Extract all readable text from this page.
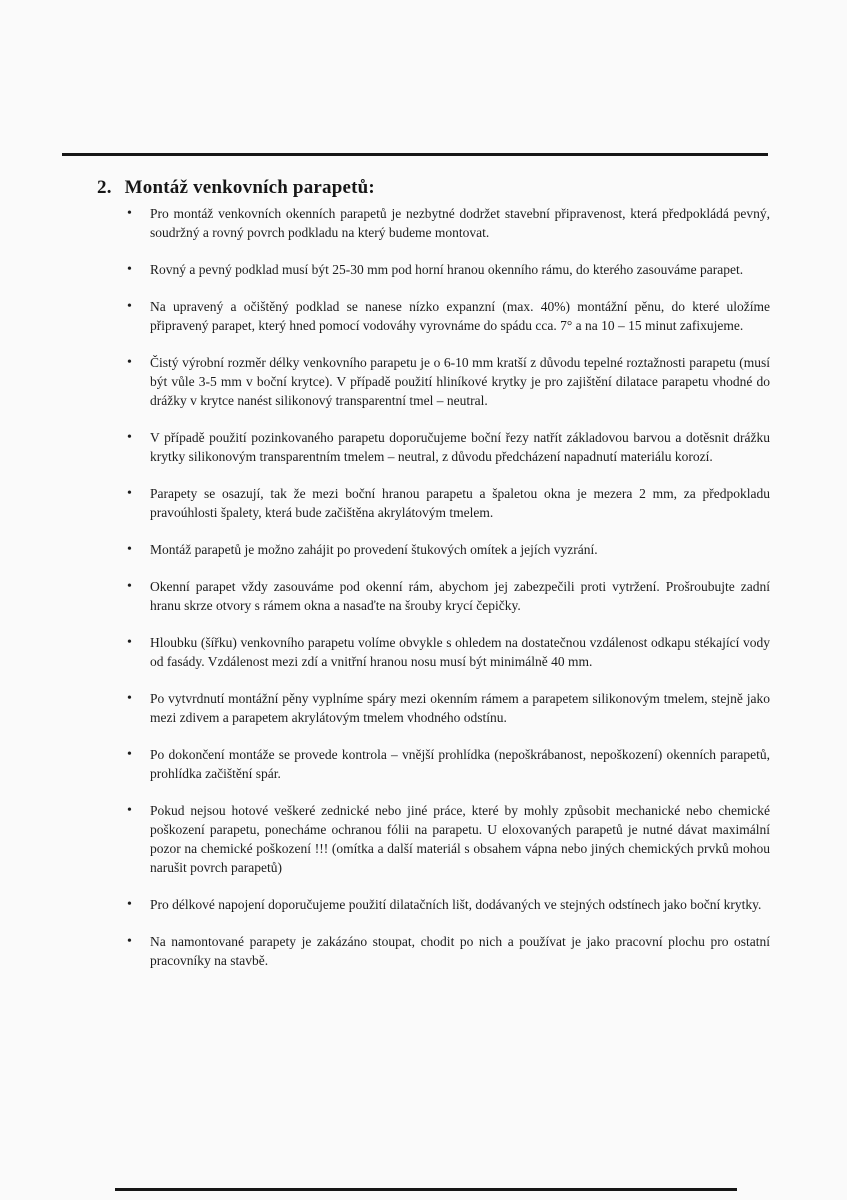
2. Montáž venkovních parapetů:
• Pro montáž venkovních okenních parapetů je nezbytné dodržet stavební připravenost, která předpokládá pevný, soudržný a rovný povrch podkladu na který budeme montovat.
• Rovný a pevný podklad musí být 25-30 mm pod horní hranou okenního rámu, do kterého zasouváme parapet.
• Na upravený a očištěný podklad se nanese nízko expanzní (max. 40%) montážní pěnu, do které uložíme připravený parapet, který hned pomocí vodováhy vyrovnáme do spádu cca. 7° a na 10 – 15 minut zafixujeme.
• Čistý výrobní rozměr délky venkovního parapetu je o 6-10 mm kratší z důvodu tepelné roztažnosti parapetu (musí být vůle 3-5 mm v boční krytce). V případě použití hliníkové krytky je pro zajištění dilatace parapetu vhodné do drážky v krytce nanést silikonový transparentní tmel – neutral.
• V případě použití pozinkovaného parapetu doporučujeme boční řezy natřít základovou barvou a dotěsnit drážku krytky silikonovým transparentním tmelem – neutral, z důvodu předcházení napadnutí materiálu korozí.
• Parapety se osazují, tak že mezi boční hranou parapetu a špaletou okna je mezera 2 mm, za předpokladu pravoúhlosti špalety, která bude začištěna akrylátovým tmelem.
• Montáž parapetů je možno zahájit po provedení štukových omítek a jejích vyzrání.
• Okenní parapet vždy zasouváme pod okenní rám, abychom jej zabezpečili proti vytržení. Prošroubujte zadní hranu skrze otvory s rámem okna a nasaďte na šrouby krycí čepičky.
• Hloubku (šířku) venkovního parapetu volíme obvykle s ohledem na dostatečnou vzdálenost odkapu stékající vody od fasády. Vzdálenost mezi zdí a vnitřní hranou nosu musí být minimálně 40 mm.
• Po vytvrdnutí montážní pěny vyplníme spáry mezi okenním rámem a parapetem silikonovým tmelem, stejně jako mezi zdivem a parapetem akrylátovým tmelem vhodného odstínu.
• Po dokončení montáže se provede kontrola – vnější prohlídka (nepoškrábanost, nepoškození) okenních parapetů, prohlídka začištění spár.
• Pokud nejsou hotové veškeré zednické nebo jiné práce, které by mohly způsobit mechanické nebo chemické poškození parapetu, ponecháme ochranou fólii na parapetu. U eloxovaných parapetů je nutné dávat maximální pozor na chemické poškození !!! (omítka a další materiál s obsahem vápna nebo jiných chemických prvků mohou narušit povrch parapetů)
• Pro délkové napojení doporučujeme použití dilatačních lišt, dodávaných ve stejných odstínech jako boční krytky.
• Na namontované parapety je zakázáno stoupat, chodit po nich a používat je jako pracovní plochu pro ostatní pracovníky na stavbě.
